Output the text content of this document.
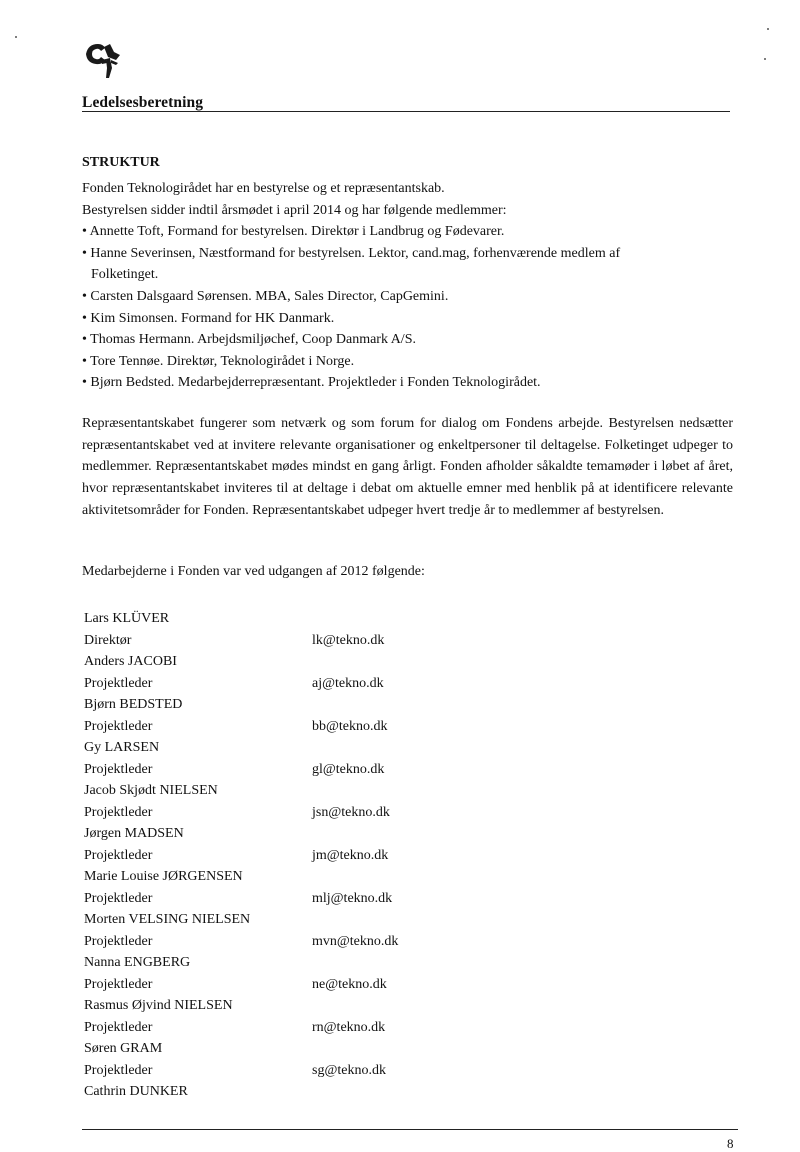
Ledelsesberetning
STRUKTUR
Fonden Teknologirådet har en bestyrelse og et repræsentantskab.
Bestyrelsen sidder indtil årsmødet i april 2014 og har følgende medlemmer:
• Annette Toft, Formand for bestyrelsen. Direktør i Landbrug og Fødevarer.
• Hanne Severinsen, Næstformand for bestyrelsen. Lektor, cand.mag, forhenværende medlem af
Folketinget.
• Carsten Dalsgaard Sørensen. MBA, Sales Director, CapGemini.
• Kim Simonsen. Formand for HK Danmark.
• Thomas Hermann. Arbejdsmiljøchef, Coop Danmark A/S.
• Tore Tennøe. Direktør, Teknologirådet i Norge.
• Bjørn Bedsted. Medarbejderrepræsentant. Projektleder i Fonden Teknologirådet.

Repræsentantskabet fungerer som netværk og som forum for dialog om Fondens arbejde. Bestyrelsen nedsætter repræsentantskabet ved at invitere relevante organisationer og enkeltpersoner til deltagelse. Folketinget udpeger to medlemmer. Repræsentantskabet mødes mindst en gang årligt. Fonden afholder såkaldte temamøder i løbet af året, hvor repræsentantskabet inviteres til at deltage i debat om aktuelle emner med henblik på at identificere relevante aktivitetsområder for Fonden. Repræsentantskabet udpeger hvert tredje år to medlemmer af bestyrelsen.

Medarbejderne i Fonden var ved udgangen af 2012 følgende:

Lars KLÜVER
Direktør	lk@tekno.dk
Anders JACOBI
Projektleder	aj@tekno.dk
Bjørn BEDSTED
Projektleder	bb@tekno.dk
Gy LARSEN
Projektleder	gl@tekno.dk
Jacob Skjødt NIELSEN
Projektleder	jsn@tekno.dk
Jørgen MADSEN
Projektleder	jm@tekno.dk
Marie Louise JØRGENSEN
Projektleder	mlj@tekno.dk
Morten VELSING NIELSEN
Projektleder	mvn@tekno.dk
Nanna ENGBERG
Projektleder	ne@tekno.dk
Rasmus Øjvind NIELSEN
Projektleder	rn@tekno.dk
Søren GRAM
Projektleder	sg@tekno.dk
Cathrin DUNKER

8
